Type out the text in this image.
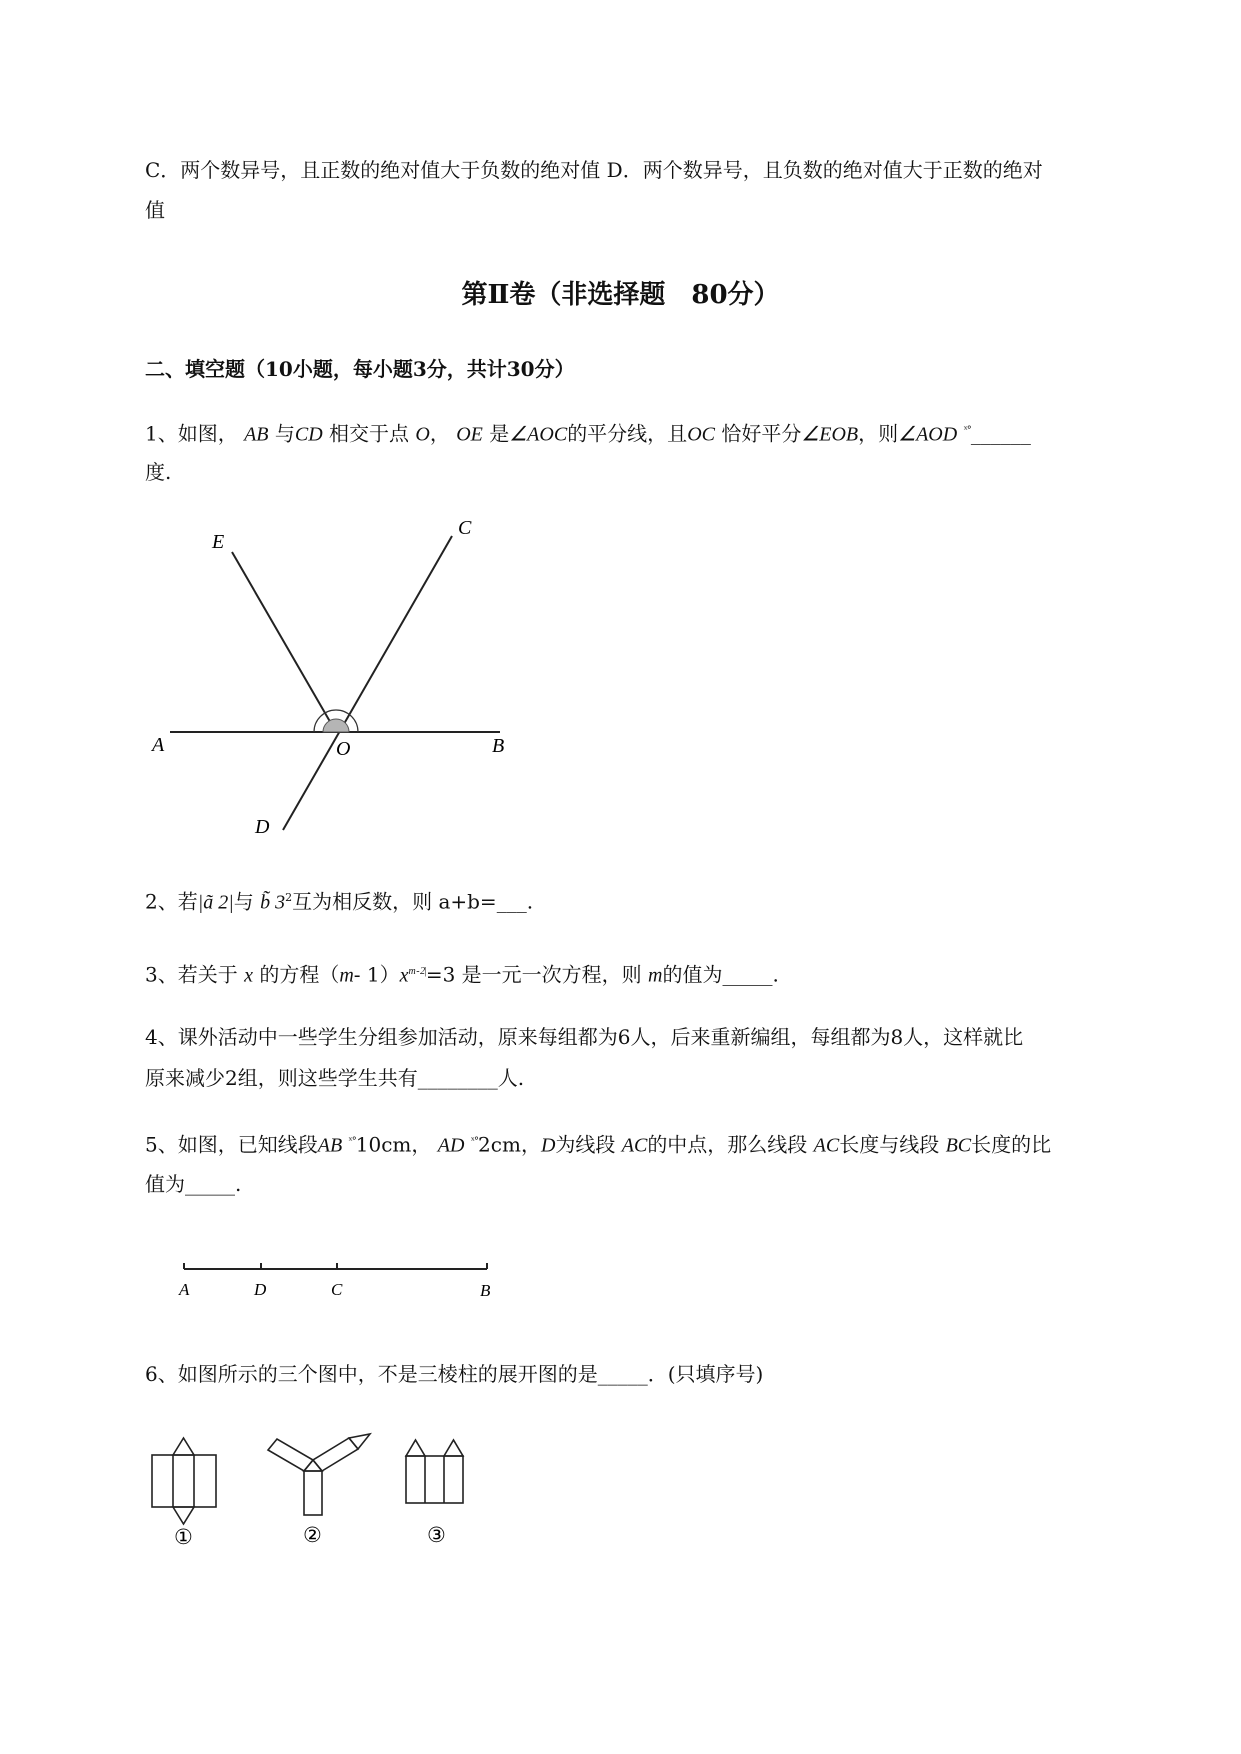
C．两个数异号，且正数的绝对值大于负数的绝对值 D．两个数异号，且负数的绝对值大于正数的绝对
值
第Ⅱ卷（非选择题　80分）
二、填空题（10小题，每小题3分，共计30分）
1、如图， AB 与CD 相交于点 O， OE 是∠AOC的平分线，且OC 恰好平分∠EOB，则∠AOD $^{ˣ^\circ}$______
度.
E
C
A	O	B
D
2、若|ã 2|与 b̃ $3^2$互为相反数，则 a+b=___.
3、若关于 x 的方程（m- $1)x^{m - 2|}=3$ 是一元一次方程，则 m的值为_____.
4、课外活动中一些学生分组参加活动，原来每组都为6人，后来重新编组，每组都为8人，这样就比
原来减少2组，则这些学生共有________人.
5、如图，已知线段AB $^{ˣ^\circ}$10cm， AD $^{ˣ^\circ}$2cm，D为线段 AC的中点，那么线段 AC长度与线段 BC长度的比
值为_____.
A	D	C	B
6、如图所示的三个图中，不是三棱柱的展开图的是_____．(只填序号)
①	②	③
